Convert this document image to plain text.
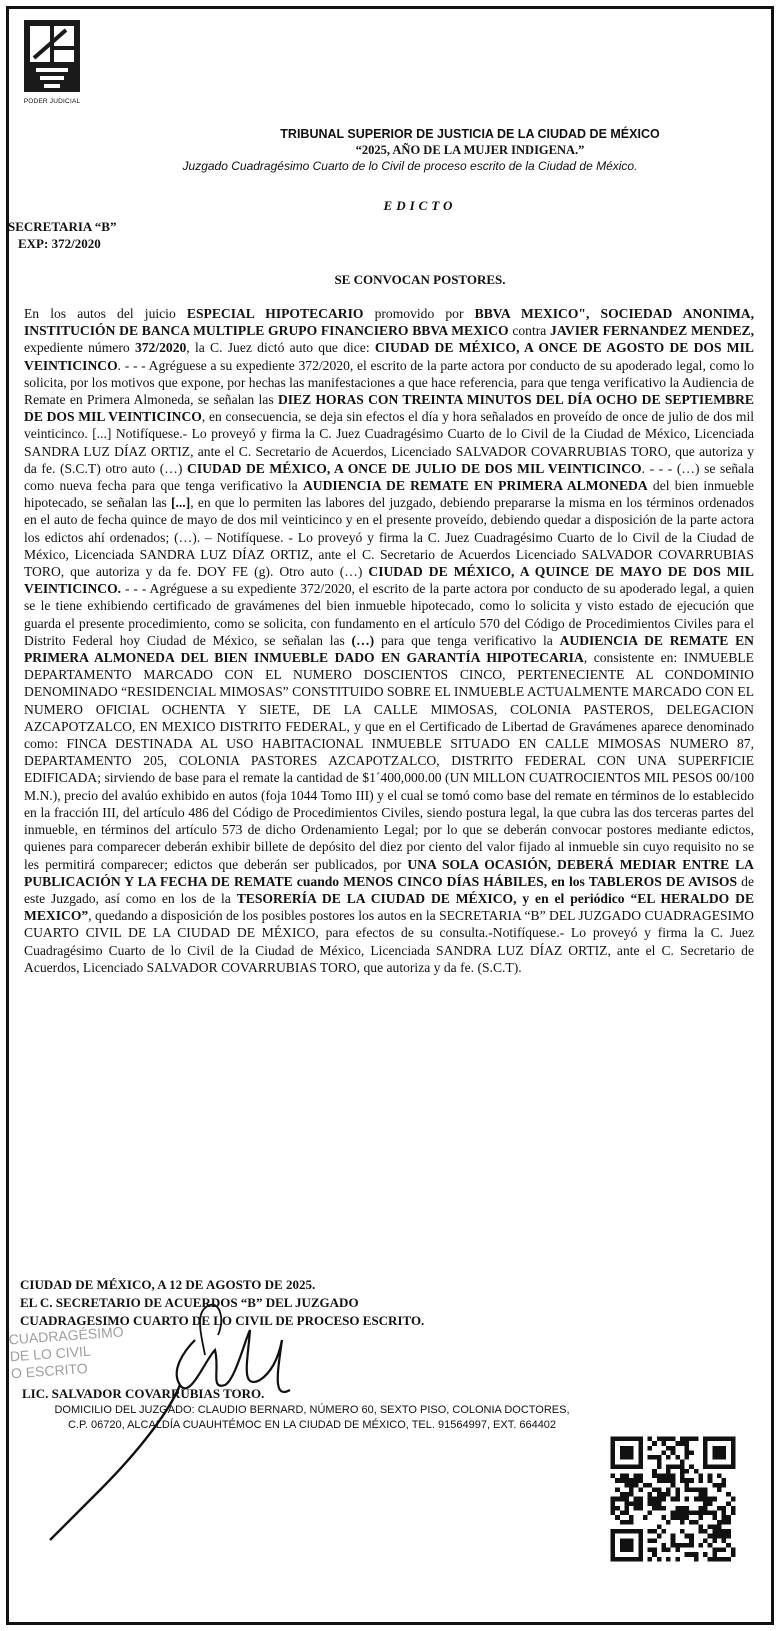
PODER JUDICIAL
TRIBUNAL SUPERIOR DE JUSTICIA DE LA CIUDAD DE MÉXICO
“2025, AÑO DE LA MUJER INDIGENA.”
Juzgado Cuadragésimo Cuarto de lo Civil de proceso escrito de la Ciudad de México.
EDICTO
SECRETARIA “B”
EXP: 372/2020
SE CONVOCAN POSTORES.
En los autos del juicio ESPECIAL HIPOTECARIO promovido por BBVA MEXICO", SOCIEDAD ANONIMA, INSTITUCIÓN DE BANCA MULTIPLE GRUPO FINANCIERO BBVA MEXICO contra JAVIER FERNANDEZ MENDEZ, expediente número 372/2020, la C. Juez dictó auto que dice: CIUDAD DE MÉXICO, A ONCE DE AGOSTO DE DOS MIL VEINTICINCO. - - - Agréguese a su expediente 372/2020, el escrito de la parte actora por conducto de su apoderado legal, como lo solicita, por los motivos que expone, por hechas las manifestaciones a que hace referencia, para que tenga verificativo la Audiencia de Remate en Primera Almoneda, se señalan las DIEZ HORAS CON TREINTA MINUTOS DEL DÍA OCHO DE SEPTIEMBRE DE DOS MIL VEINTICINCO, en consecuencia, se deja sin efectos el día y hora señalados en proveído de once de julio de dos mil veinticinco. [...] Notifíquese.- Lo proveyó y firma la C. Juez Cuadragésimo Cuarto de lo Civil de la Ciudad de México, Licenciada SANDRA LUZ DÍAZ ORTIZ, ante el C. Secretario de Acuerdos, Licenciado SALVADOR COVARRUBIAS TORO, que autoriza y da fe. (S.C.T) otro auto (…) CIUDAD DE MÉXICO, A ONCE DE JULIO DE DOS MIL VEINTICINCO. - - - (…) se señala como nueva fecha para que tenga verificativo la AUDIENCIA DE REMATE EN PRIMERA ALMONEDA del bien inmueble hipotecado, se señalan las [...], en que lo permiten las labores del juzgado, debiendo prepararse la misma en los términos ordenados en el auto de fecha quince de mayo de dos mil veinticinco y en el presente proveído, debiendo quedar a disposición de la parte actora los edictos ahí ordenados; (…). – Notifíquese. - Lo proveyó y firma la C. Juez Cuadragésimo Cuarto de lo Civil de la Ciudad de México, Licenciada SANDRA LUZ DÍAZ ORTIZ, ante el C. Secretario de Acuerdos Licenciado SALVADOR COVARRUBIAS TORO, que autoriza y da fe. DOY FE (g). Otro auto (…) CIUDAD DE MÉXICO, A QUINCE DE MAYO DE DOS MIL VEINTICINCO. - - - Agréguese a su expediente 372/2020, el escrito de la parte actora por conducto de su apoderado legal, a quien se le tiene exhibiendo certificado de gravámenes del bien inmueble hipotecado, como lo solicita y visto estado de ejecución que guarda el presente procedimiento, como se solicita, con fundamento en el artículo 570 del Código de Procedimientos Civiles para el Distrito Federal hoy Ciudad de México, se señalan las (…) para que tenga verificativo la AUDIENCIA DE REMATE EN PRIMERA ALMONEDA DEL BIEN INMUEBLE DADO EN GARANTÍA HIPOTECARIA, consistente en: INMUEBLE DEPARTAMENTO MARCADO CON EL NUMERO DOSCIENTOS CINCO, PERTENECIENTE AL CONDOMINIO DENOMINADO “RESIDENCIAL MIMOSAS” CONSTITUIDO SOBRE EL INMUEBLE ACTUALMENTE MARCADO CON EL NUMERO OFICIAL OCHENTA Y SIETE, DE LA CALLE MIMOSAS, COLONIA PASTEROS, DELEGACION AZCAPOTZALCO, EN MEXICO DISTRITO FEDERAL, y que en el Certificado de Libertad de Gravámenes aparece denominado como: FINCA DESTINADA AL USO HABITACIONAL INMUEBLE SITUADO EN CALLE MIMOSAS NUMERO 87, DEPARTAMENTO 205, COLONIA PASTORES AZCAPOTZALCO, DISTRITO FEDERAL CON UNA SUPERFICIE EDIFICADA; sirviendo de base para el remate la cantidad de $1´400,000.00 (UN MILLON CUATROCIENTOS MIL PESOS 00/100 M.N.), precio del avalúo exhibido en autos (foja 1044 Tomo III) y el cual se tomó como base del remate en términos de lo establecido en la fracción III, del artículo 486 del Código de Procedimientos Civiles, siendo postura legal, la que cubra las dos terceras partes del inmueble, en términos del artículo 573 de dicho Ordenamiento Legal; por lo que se deberán convocar postores mediante edictos, quienes para comparecer deberán exhibir billete de depósito del diez por ciento del valor fijado al inmueble sin cuyo requisito no se les permitirá comparecer; edictos que deberán ser publicados, por UNA SOLA OCASIÓN, DEBERÁ MEDIAR ENTRE LA PUBLICACIÓN Y LA FECHA DE REMATE cuando MENOS CINCO DÍAS HÁBILES, en los TABLEROS DE AVISOS de este Juzgado, así como en los de la TESORERÍA DE LA CIUDAD DE MÉXICO, y en el periódico “EL HERALDO DE MEXICO”, quedando a disposición de los posibles postores los autos en la SECRETARIA “B” DEL JUZGADO CUADRAGESIMO CUARTO CIVIL DE LA CIUDAD DE MÉXICO, para efectos de su consulta.-Notifíquese.- Lo proveyó y firma la C. Juez Cuadragésimo Cuarto de lo Civil de la Ciudad de México, Licenciada SANDRA LUZ DÍAZ ORTIZ, ante el C. Secretario de Acuerdos, Licenciado SALVADOR COVARRUBIAS TORO, que autoriza y da fe. (S.C.T).
CIUDAD DE MÉXICO, A 12 DE AGOSTO DE 2025.
EL C. SECRETARIO DE ACUERDOS “B” DEL JUZGADO
CUADRAGESIMO CUARTO DE LO CIVIL DE PROCESO ESCRITO.
CUADRAGÉSIMO
DE LO CIVIL
O ESCRITO
LIC. SALVADOR COVARRUBIAS TORO.
DOMICILIO DEL JUZGADO: CLAUDIO BERNARD, NÚMERO 60, SEXTO PISO, COLONIA DOCTORES,
C.P. 06720, ALCALDÍA CUAUHTÉMOC EN LA CIUDAD DE MÉXICO, TEL. 91564997, EXT. 664402
